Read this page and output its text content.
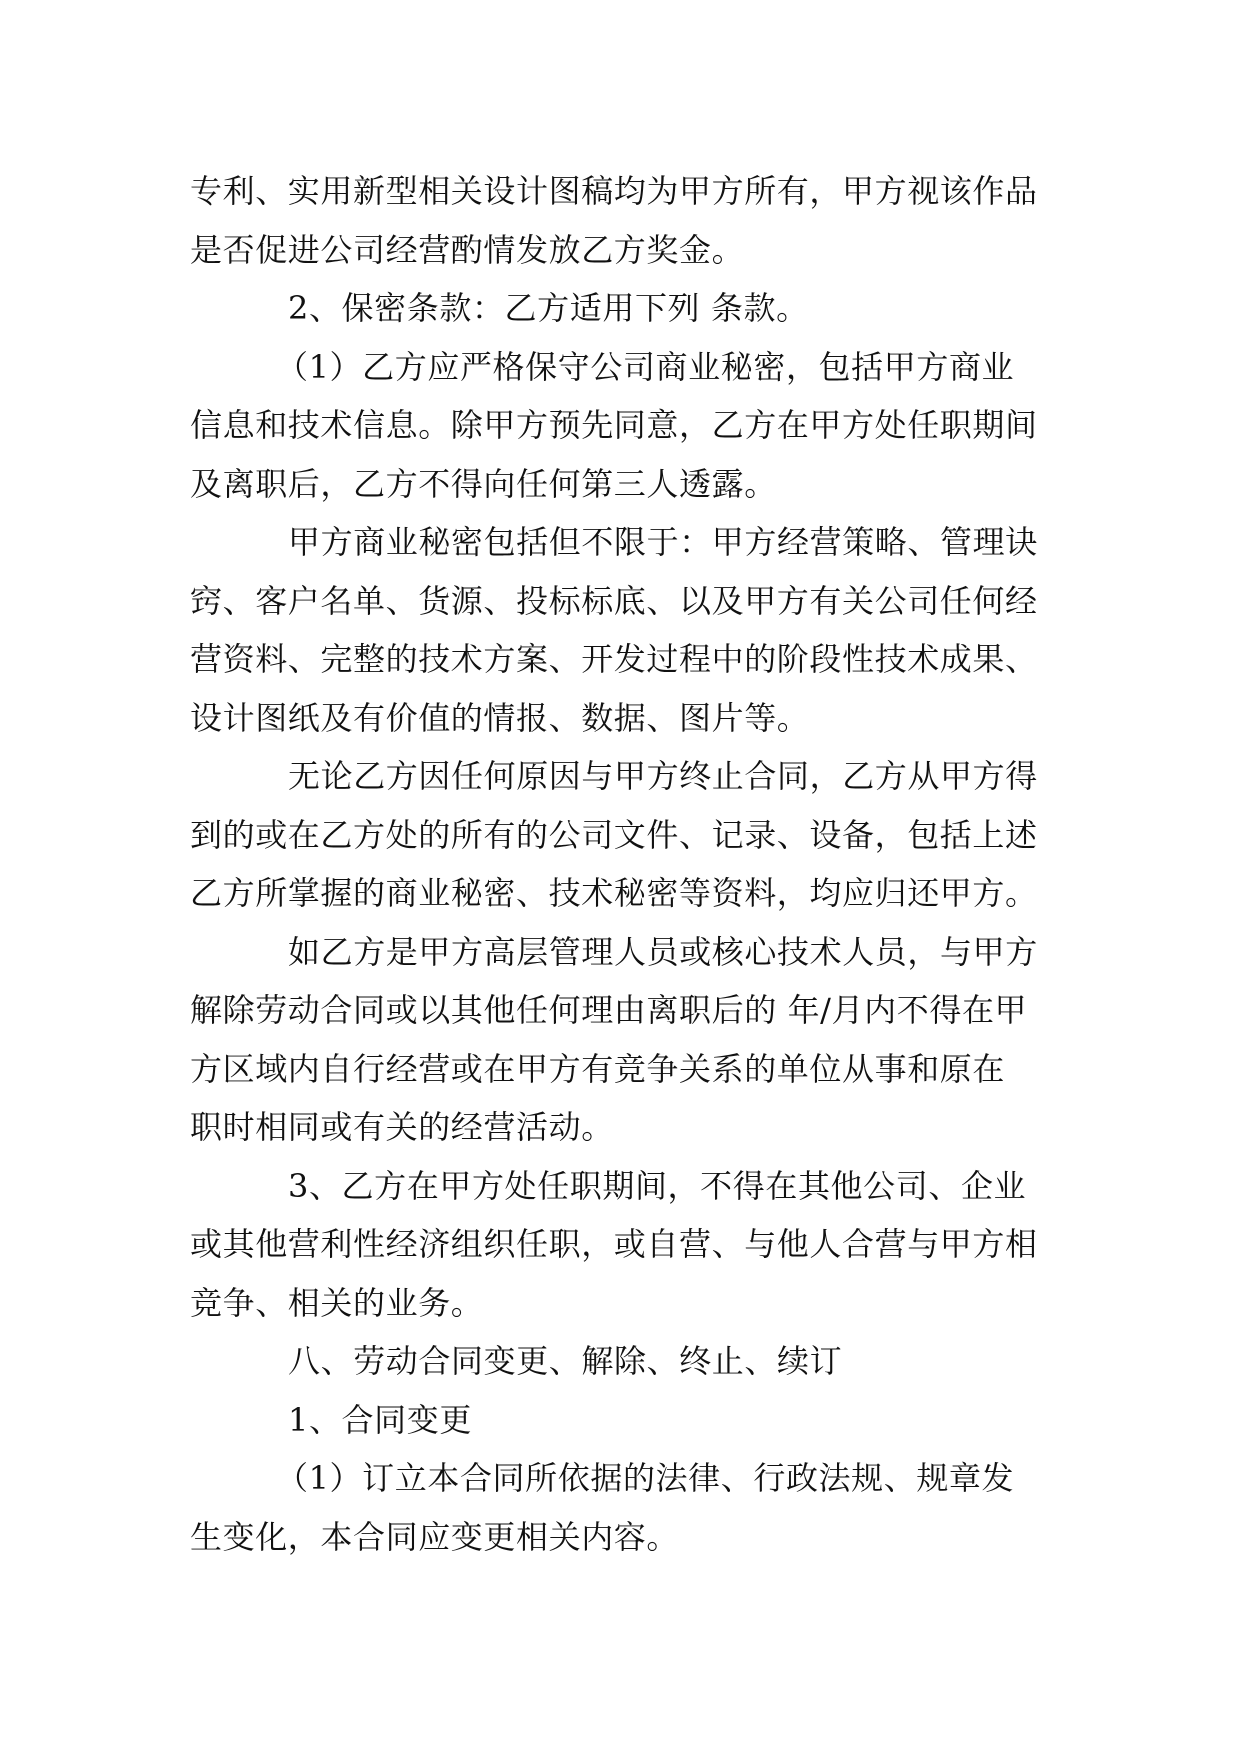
专利、实用新型相关设计图稿均为甲方所有，甲方视该作品
是否促进公司经营酌情发放乙方奖金。
2、保密条款：乙方适用下列 条款。
（1）乙方应严格保守公司商业秘密，包括甲方商业
信息和技术信息。除甲方预先同意，乙方在甲方处任职期间
及离职后，乙方不得向任何第三人透露。
甲方商业秘密包括但不限于：甲方经营策略、管理诀
窍、客户名单、货源、投标标底、以及甲方有关公司任何经
营资料、完整的技术方案、开发过程中的阶段性技术成果、
设计图纸及有价值的情报、数据、图片等。
无论乙方因任何原因与甲方终止合同，乙方从甲方得
到的或在乙方处的所有的公司文件、记录、设备，包括上述
乙方所掌握的商业秘密、技术秘密等资料，均应归还甲方。
如乙方是甲方高层管理人员或核心技术人员，与甲方
解除劳动合同或以其他任何理由离职后的 年/月内不得在甲
方区域内自行经营或在甲方有竞争关系的单位从事和原在
职时相同或有关的经营活动。
3、乙方在甲方处任职期间，不得在其他公司、企业
或其他营利性经济组织任职，或自营、与他人合营与甲方相
竞争、相关的业务。
八、劳动合同变更、解除、终止、续订
1、合同变更
（1）订立本合同所依据的法律、行政法规、规章发
生变化，本合同应变更相关内容。
